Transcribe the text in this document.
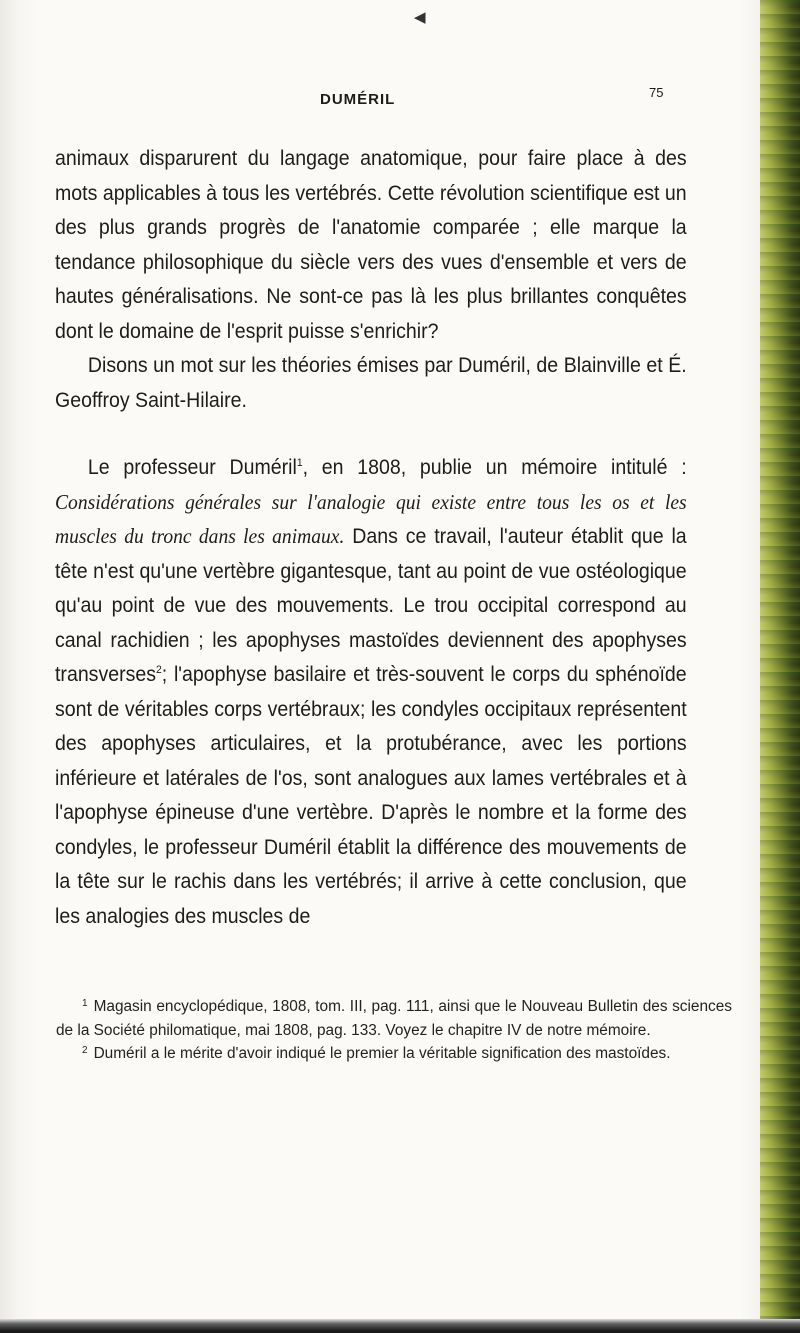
◀
DUMÉRIL	75

animaux disparurent du langage anatomique, pour faire place à des mots applicables à tous les vertébrés. Cette révolution scientifique est un des plus grands progrès de l'anatomie comparée ; elle marque la tendance philosophique du siècle vers des vues d'ensemble et vers de hautes généralisations. Ne sont-ce pas là les plus brillantes conquêtes dont le domaine de l'esprit puisse s'enrichir?

Disons un mot sur les théories émises par Duméril, de Blainville et É. Geoffroy Saint-Hilaire.

Le professeur Duméril$^1$, en 1808, publie un mémoire intitulé : Considérations générales sur l'analogie qui existe entre tous les os et les muscles du tronc dans les animaux. Dans ce travail, l'auteur établit que la tête n'est qu'une vertèbre gigantesque, tant au point de vue ostéologique qu'au point de vue des mouvements. Le trou occipital correspond au canal rachidien ; les apophyses mastoïdes deviennent des apophyses transverses$^2$; l'apophyse basilaire et très-souvent le corps du sphénoïde sont de véritables corps vertébraux; les condyles occipitaux représentent des apophyses articulaires, et la protubérance, avec les portions inférieure et latérales de l'os, sont analogues aux lames vertébrales et à l'apophyse épineuse d'une vertèbre. D'après le nombre et la forme des condyles, le professeur Duméril établit la différence des mouvements de la tête sur le rachis dans les vertébrés; il arrive à cette conclusion, que les analogies des muscles de

$^1$ Magasin encyclopédique, 1808, tom. III, pag. 111, ainsi que le Nouveau Bulletin des sciences de la Société philomatique, mai 1808, pag. 133. Voyez le chapitre IV de notre mémoire.

$^2$ Duméril a le mérite d'avoir indiqué le premier la véritable signification des mastoïdes.
